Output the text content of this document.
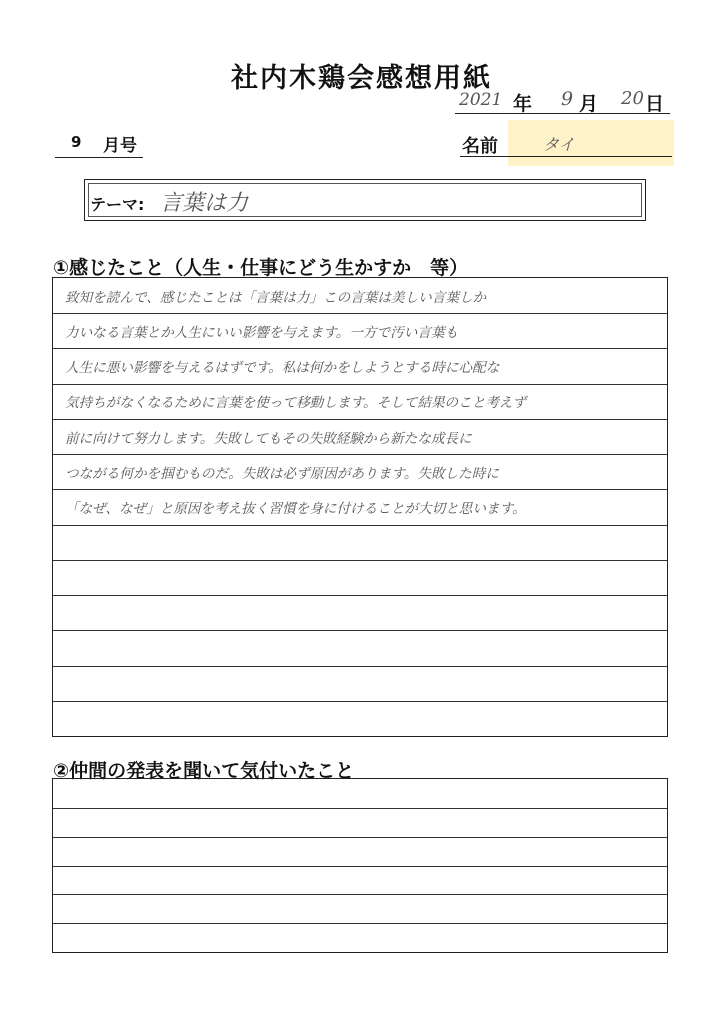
社内木鶏会感想用紙
2021 年 9 月 20 日
9 月号	名前	タイ
テーマ: 言葉は力
①感じたこと（人生・仕事にどう生かすか　等）
致知を読んで、感じたことは「言葉は力」この言葉は美しい言葉しか
力いなる言葉とか人生にいい影響を与えます。一方で汚い言葉も
人生に悪い影響を与えるはずです。私は何かをしようとする時に心配な
気持ちがなくなるために言葉を使って移動します。そして結果のこと考えず
前に向けて努力します。失敗してもその失敗経験から新たな成長に
つながる何かを掴むものだ。失敗は必ず原因があります。失敗した時に
「なぜ、なぜ」と原因を考え抜く習慣を身に付けることが大切と思います。
②仲間の発表を聞いて気付いたこと
